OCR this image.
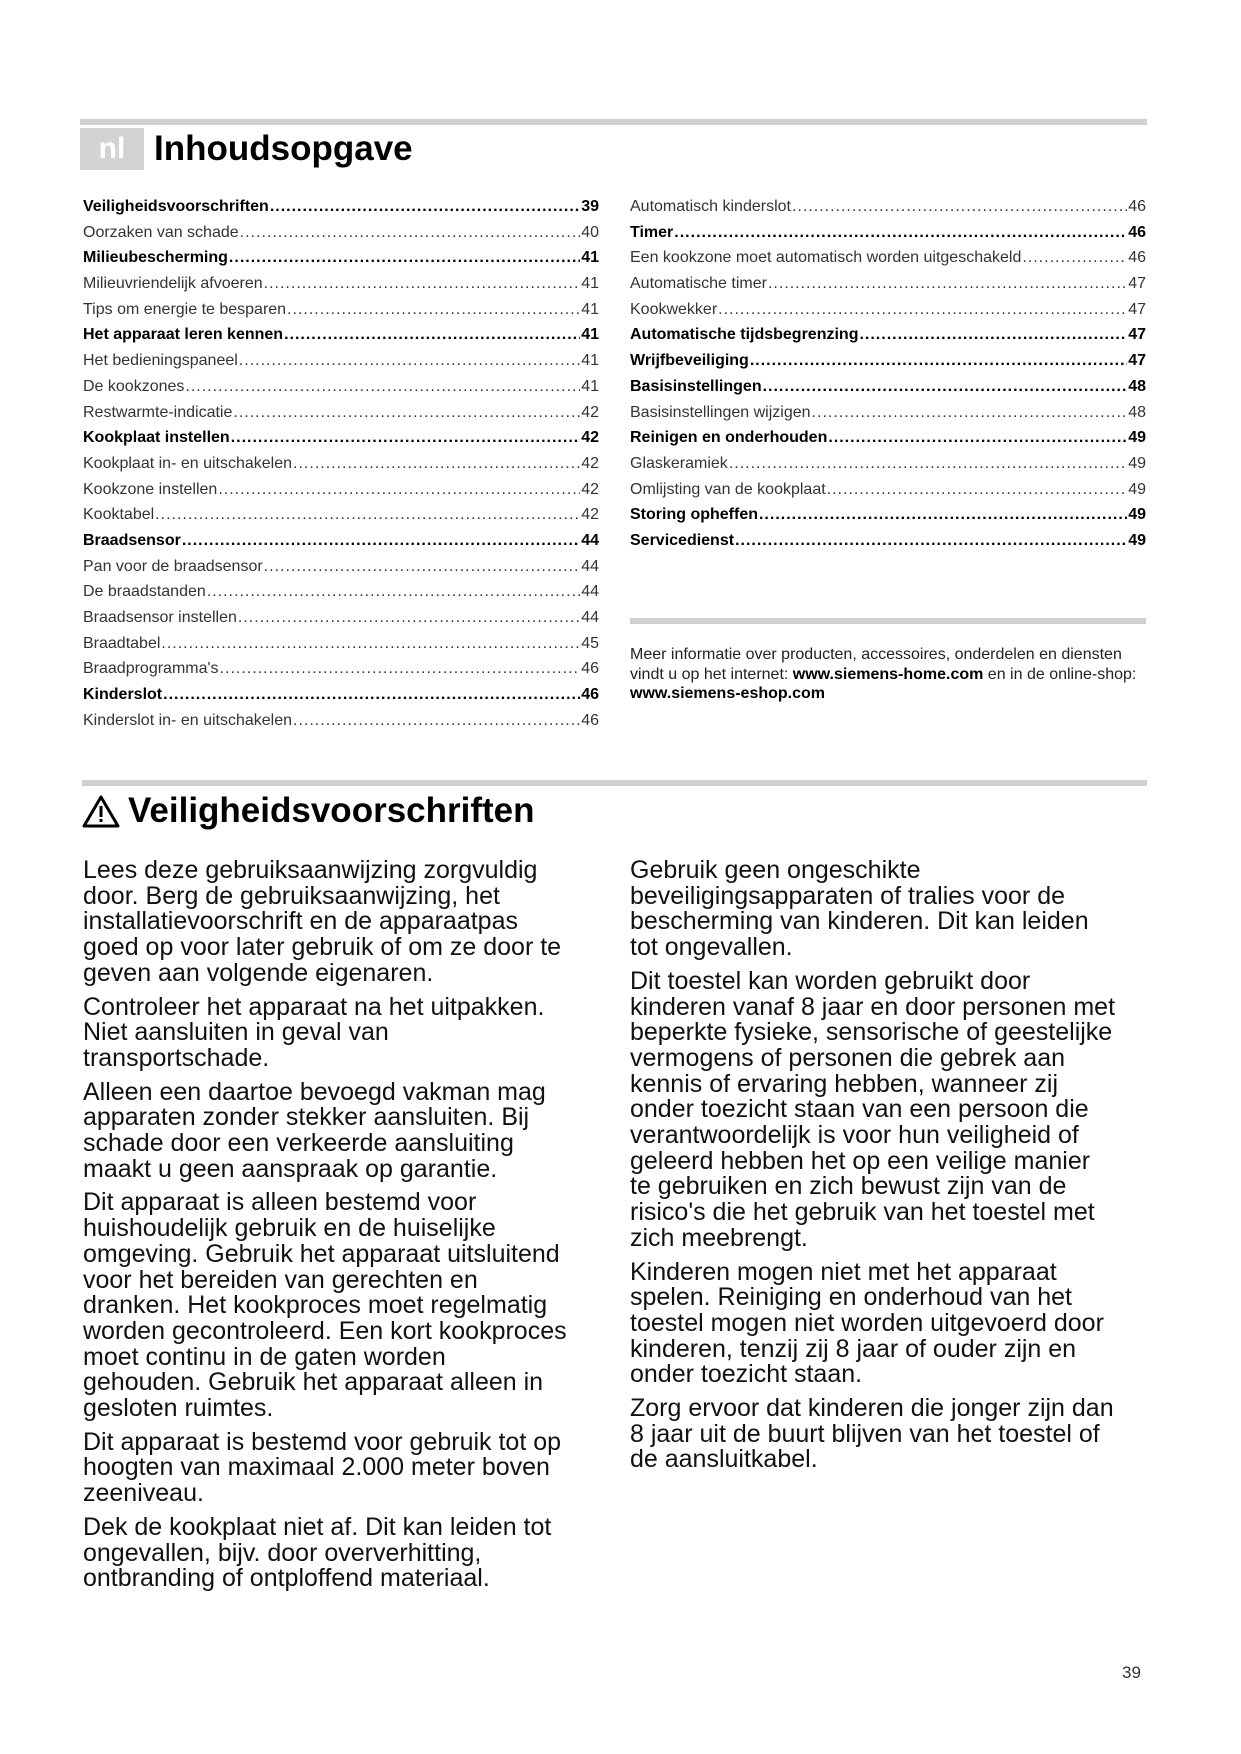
nl Inhoudsopgave
Veiligheidsvoorschriften .....	39
Oorzaken van schade .....	40
Milieubescherming .....	41
Milieuvriendelijk afvoeren .....	41
Tips om energie te besparen .....	41
Het apparaat leren kennen .....	41
Het bedieningspaneel .....	41
De kookzones .....	41
Restwarmte-indicatie .....	42
Kookplaat instellen .....	42
Kookplaat in- en uitschakelen .....	42
Kookzone instellen .....	42
Kooktabel .....	42
Braadsensor .....	44
Pan voor de braadsensor .....	44
De braadstanden .....	44
Braadsensor instellen .....	44
Braadtabel .....	45
Braadprogramma's .....	46
Kinderslot .....	46
Kinderslot in- en uitschakelen .....	46
Automatisch kinderslot .....	46
Timer .....	46
Een kookzone moet automatisch worden uitgeschakeld .....	46
Automatische timer .....	47
Kookwekker .....	47
Automatische tijdsbegrenzing .....	47
Wrijfbeveiliging .....	47
Basisinstellingen .....	48
Basisinstellingen wijzigen .....	48
Reinigen en onderhouden .....	49
Glaskeramiek .....	49
Omlijsting van de kookplaat .....	49
Storing opheffen .....	49
Servicedienst .....	49
Meer informatie over producten, accessoires, onderdelen en diensten vindt u op het internet: www.siemens-home.com en in de online-shop: www.siemens-eshop.com
Veiligheidsvoorschriften

Lees deze gebruiksaanwijzing zorgvuldig
door. Berg de gebruiksaanwijzing, het
installatievoorschrift en de apparaatpas
goed op voor later gebruik of om ze door te
geven aan volgende eigenaren.

Controleer het apparaat na het uitpakken.
Niet aansluiten in geval van
transportschade.

Alleen een daartoe bevoegd vakman mag
apparaten zonder stekker aansluiten. Bij
schade door een verkeerde aansluiting
maakt u geen aanspraak op garantie.

Dit apparaat is alleen bestemd voor
huishoudelijk gebruik en de huiselijke
omgeving. Gebruik het apparaat uitsluitend
voor het bereiden van gerechten en
dranken. Het kookproces moet regelmatig
worden gecontroleerd. Een kort kookproces
moet continu in de gaten worden
gehouden. Gebruik het apparaat alleen in
gesloten ruimtes.

Dit apparaat is bestemd voor gebruik tot op
hoogten van maximaal 2.000 meter boven
zeeniveau.

Dek de kookplaat niet af. Dit kan leiden tot
ongevallen, bijv. door oververhitting,
ontbranding of ontploffend materiaal.

Gebruik geen ongeschikte
beveiligingsapparaten of tralies voor de
bescherming van kinderen. Dit kan leiden
tot ongevallen.

Dit toestel kan worden gebruikt door
kinderen vanaf 8 jaar en door personen met
beperkte fysieke, sensorische of geestelijke
vermogens of personen die gebrek aan
kennis of ervaring hebben, wanneer zij
onder toezicht staan van een persoon die
verantwoordelijk is voor hun veiligheid of
geleerd hebben het op een veilige manier
te gebruiken en zich bewust zijn van de
risico's die het gebruik van het toestel met
zich meebrengt.

Kinderen mogen niet met het apparaat
spelen. Reiniging en onderhoud van het
toestel mogen niet worden uitgevoerd door
kinderen, tenzij zij 8 jaar of ouder zijn en
onder toezicht staan.

Zorg ervoor dat kinderen die jonger zijn dan
8 jaar uit de buurt blijven van het toestel of
de aansluitkabel.

39
